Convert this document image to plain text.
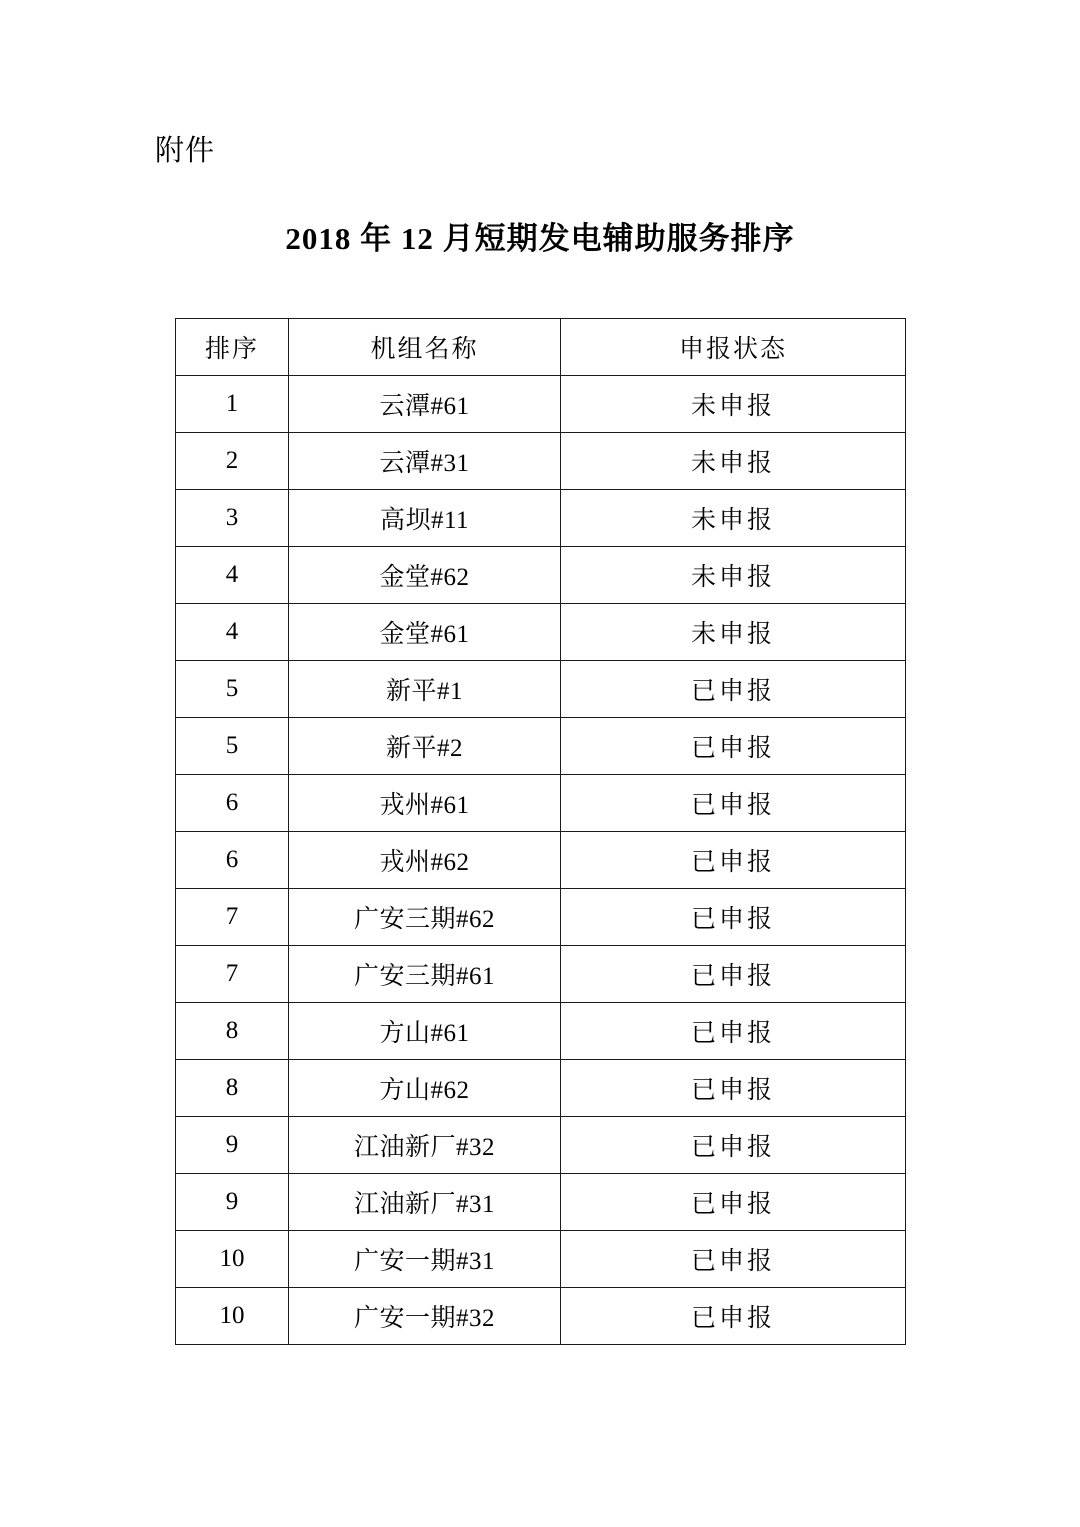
附件
2018 年 12 月短期发电辅助服务排序
排序	机组名称	申报状态
1	云潭#61	未申报
2	云潭#31	未申报
3	高坝#11	未申报
4	金堂#62	未申报
4	金堂#61	未申报
5	新平#1	已申报
5	新平#2	已申报
6	戎州#61	已申报
6	戎州#62	已申报
7	广安三期#62	已申报
7	广安三期#61	已申报
8	方山#61	已申报
8	方山#62	已申报
9	江油新厂#32	已申报
9	江油新厂#31	已申报
10	广安一期#31	已申报
10	广安一期#32	已申报
